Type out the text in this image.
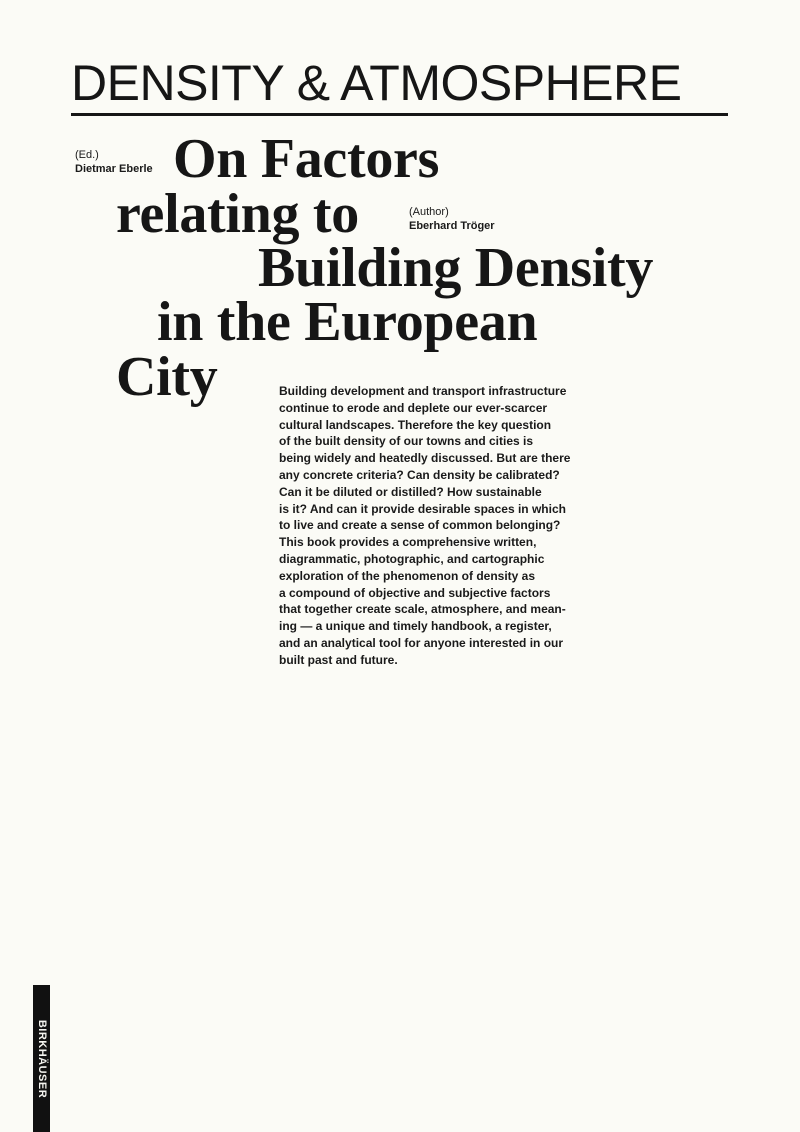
DENSITY & ATMOSPHERE
(Ed.)
Dietmar Eberle On Factors
relating to
Building Density
in the European
City
(Author)
Eberhard Tröger

Building development and transport infrastructure
continue to erode and deplete our ever-scarcer
cultural landscapes. Therefore the key question
of the built density of our towns and cities is
being widely and heatedly discussed. But are there
any concrete criteria? Can density be calibrated?
Can it be diluted or distilled? How sustainable
is it? And can it provide desirable spaces in which
to live and create a sense of common belonging?
This book provides a comprehensive written,
diagrammatic, photographic, and cartographic
exploration of the phenomenon of density as
a compound of objective and subjective factors
that together create scale, atmosphere, and mean-
ing — a unique and timely handbook, a register,
and an analytical tool for anyone interested in our
built past and future.

BIRKHÄUSER
